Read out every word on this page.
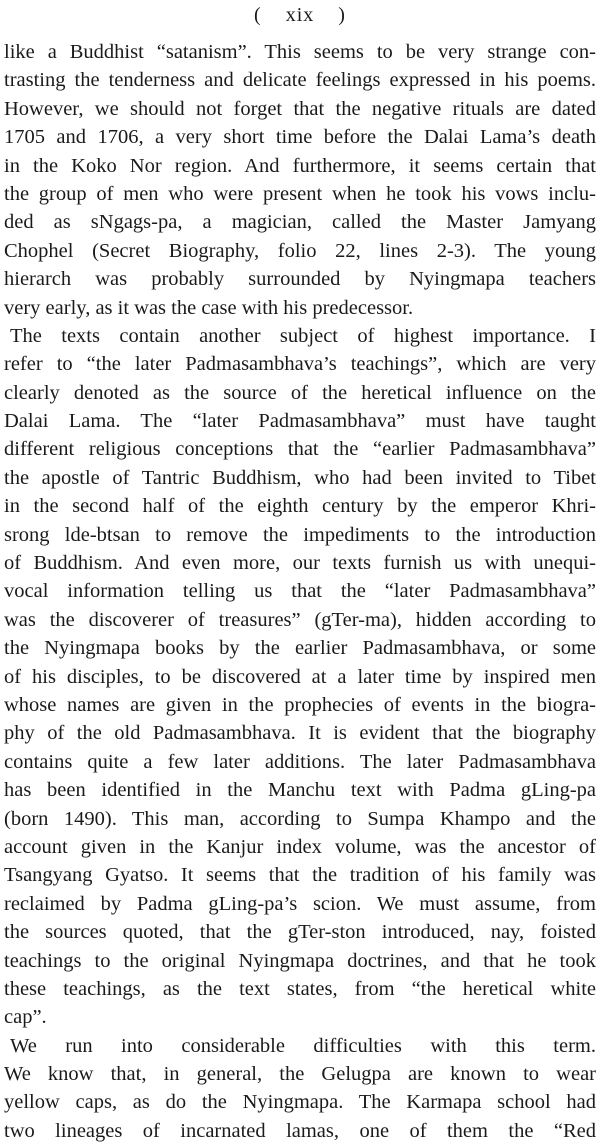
( xix )
like a Buddhist “satanism”. This seems to be very strange con-
trasting the tenderness and delicate feelings expressed in his poems.
However, we should not forget that the negative rituals are dated
1705 and 1706, a very short time before the Dalai Lama’s death
in the Koko Nor region. And furthermore, it seems certain that
the group of men who were present when he took his vows inclu-
ded as sNgags-pa, a magician, called the Master Jamyang
Chophel (Secret Biography, folio 22, lines 2-3). The young
hierarch was probably surrounded by Nyingmapa teachers
very early, as it was the case with his predecessor.
The texts contain another subject of highest importance. I
refer to “the later Padmasambhava’s teachings”, which are very
clearly denoted as the source of the heretical influence on the
Dalai Lama. The “later Padmasambhava” must have taught
different religious conceptions that the “earlier Padmasambhava”
the apostle of Tantric Buddhism, who had been invited to Tibet
in the second half of the eighth century by the emperor Khri-
srong lde-btsan to remove the impediments to the introduction
of Buddhism. And even more, our texts furnish us with unequi-
vocal information telling us that the “later Padmasambhava”
was the discoverer of treasures” (gTer-ma), hidden according to
the Nyingmapa books by the earlier Padmasambhava, or some
of his disciples, to be discovered at a later time by inspired men
whose names are given in the prophecies of events in the biogra-
phy of the old Padmasambhava. It is evident that the biography
contains quite a few later additions. The later Padmasambhava
has been identified in the Manchu text with Padma gLing-pa
(born 1490). This man, according to Sumpa Khampo and the
account given in the Kanjur index volume, was the ancestor of
Tsangyang Gyatso. It seems that the tradition of his family was
reclaimed by Padma gLing-pa’s scion. We must assume, from
the sources quoted, that the gTer-ston introduced, nay, foisted
teachings to the original Nyingmapa doctrines, and that he took
these teachings, as the text states, from “the heretical white
cap”.
We run into considerable difficulties with this term.
We know that, in general, the Gelugpa are known to wear
yellow caps, as do the Nyingmapa. The Karmapa school had
two lineages of incarnated lamas, one of them the “Red
